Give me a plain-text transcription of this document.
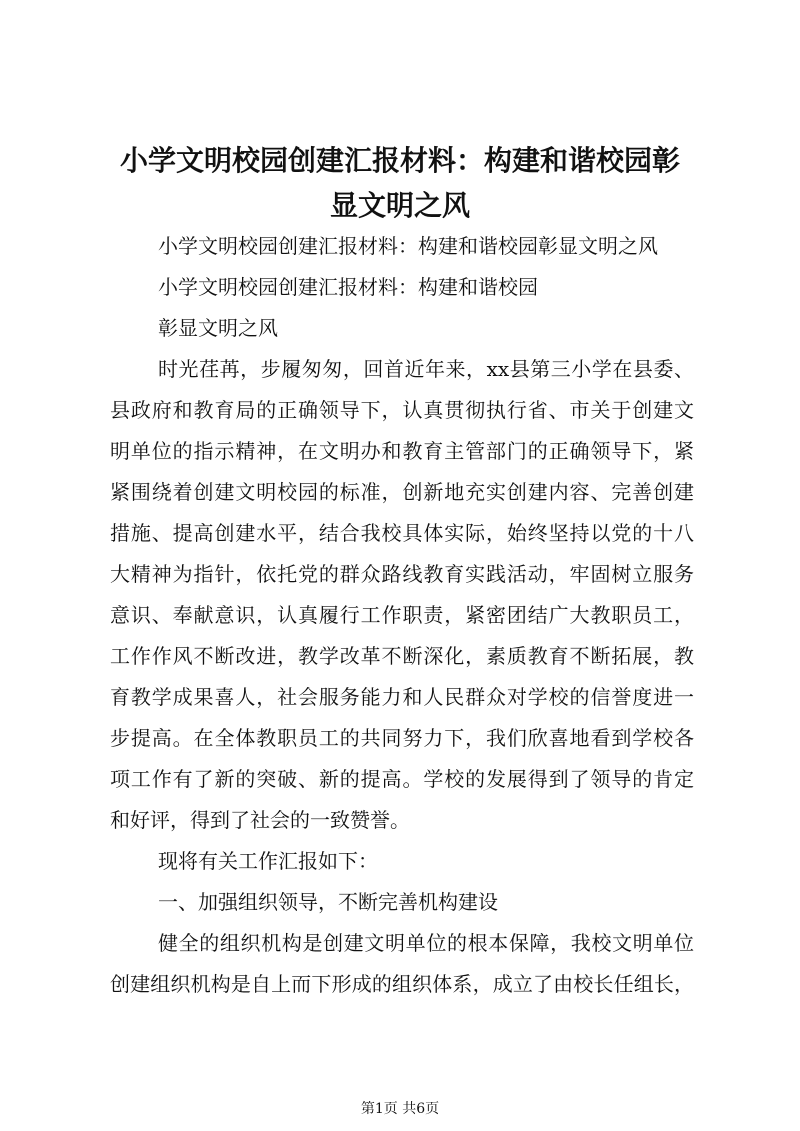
小学文明校园创建汇报材料：构建和谐校园彰
显文明之风
小学文明校园创建汇报材料：构建和谐校园彰显文明之风
小学文明校园创建汇报材料：构建和谐校园
彰显文明之风
时光荏苒，步履匆匆，回首近年来，xx县第三小学在县委、
县政府和教育局的正确领导下，认真贯彻执行省、市关于创建文
明单位的指示精神，在文明办和教育主管部门的正确领导下，紧
紧围绕着创建文明校园的标准，创新地充实创建内容、完善创建
措施、提高创建水平，结合我校具体实际，始终坚持以党的十八
大精神为指针，依托党的群众路线教育实践活动，牢固树立服务
意识、奉献意识，认真履行工作职责，紧密团结广大教职员工，
工作作风不断改进，教学改革不断深化，素质教育不断拓展，教
育教学成果喜人，社会服务能力和人民群众对学校的信誉度进一
步提高。在全体教职员工的共同努力下，我们欣喜地看到学校各
项工作有了新的突破、新的提高。学校的发展得到了领导的肯定
和好评，得到了社会的一致赞誉。
现将有关工作汇报如下：
一、加强组织领导，不断完善机构建设
健全的组织机构是创建文明单位的根本保障，我校文明单位
创建组织机构是自上而下形成的组织体系，成立了由校长任组长，
第1页 共6页
